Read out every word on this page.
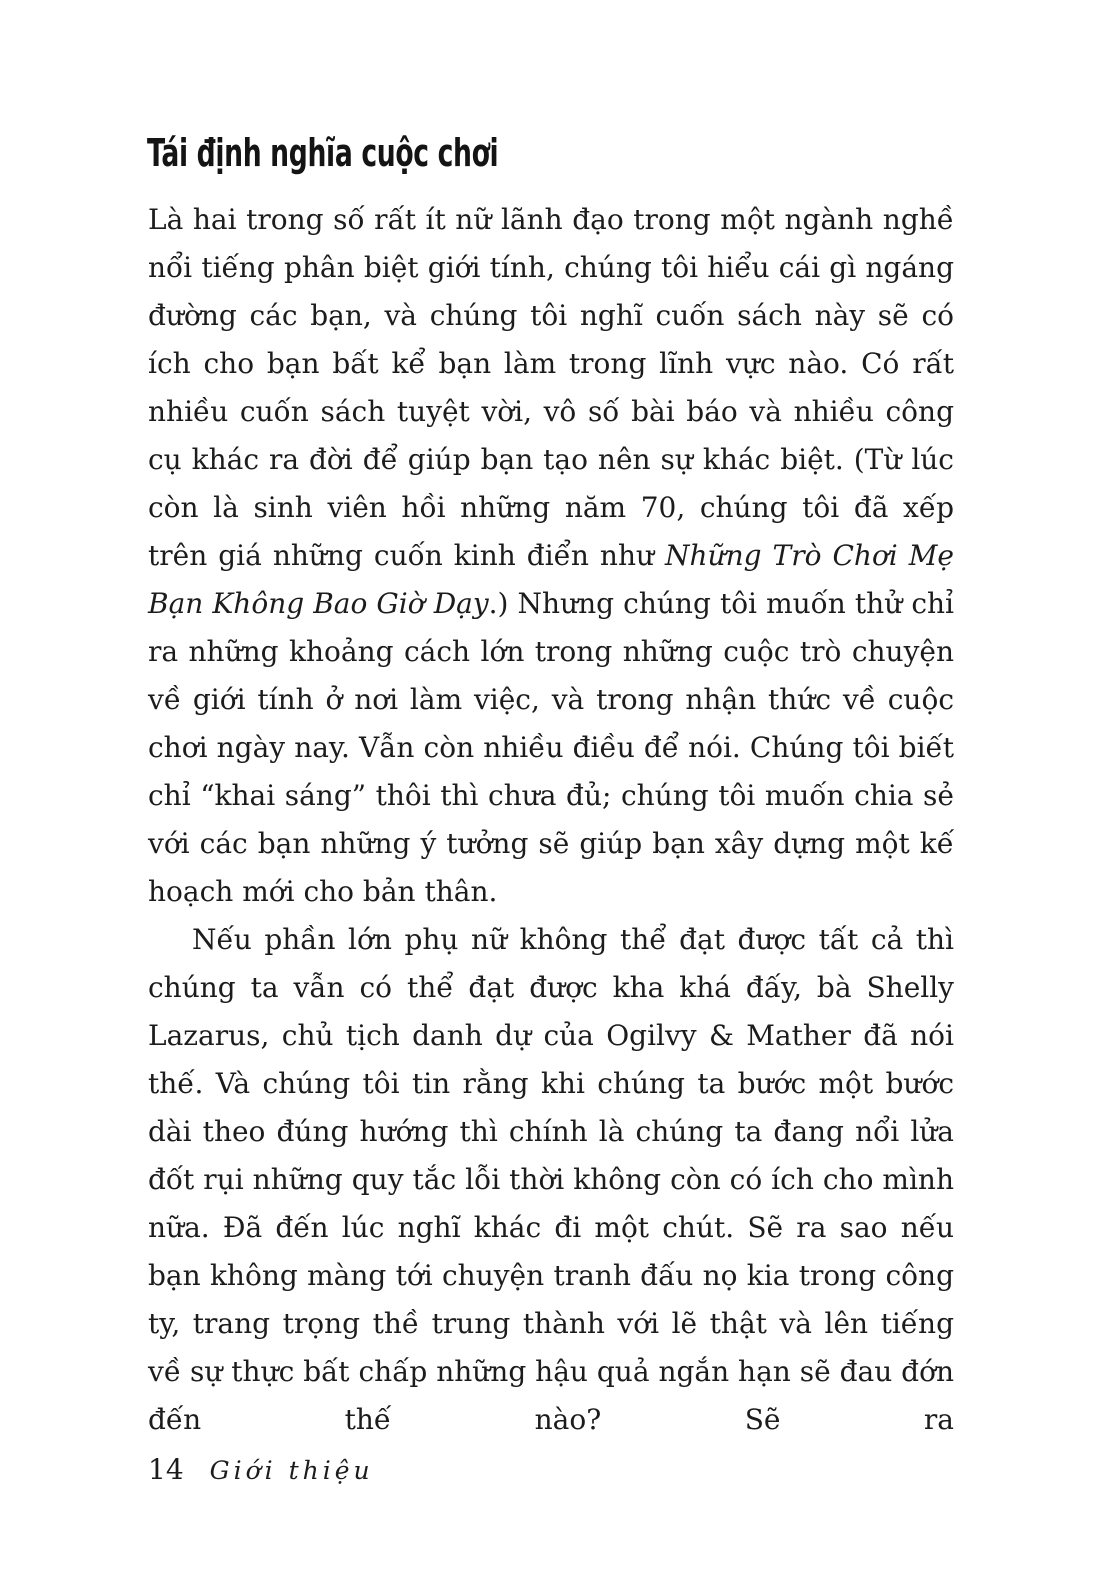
Tái định nghĩa cuộc chơi

Là hai trong số rất ít nữ lãnh đạo trong một ngành nghề nổi tiếng phân biệt giới tính, chúng tôi hiểu cái gì ngáng đường các bạn, và chúng tôi nghĩ cuốn sách này sẽ có ích cho bạn bất kể bạn làm trong lĩnh vực nào. Có rất nhiều cuốn sách tuyệt vời, vô số bài báo và nhiều công cụ khác ra đời để giúp bạn tạo nên sự khác biệt. (Từ lúc còn là sinh viên hồi những năm 70, chúng tôi đã xếp trên giá những cuốn kinh điển như Những Trò Chơi Mẹ Bạn Không Bao Giờ Dạy.) Nhưng chúng tôi muốn thử chỉ ra những khoảng cách lớn trong những cuộc trò chuyện về giới tính ở nơi làm việc, và trong nhận thức về cuộc chơi ngày nay. Vẫn còn nhiều điều để nói. Chúng tôi biết chỉ “khai sáng” thôi thì chưa đủ; chúng tôi muốn chia sẻ với các bạn những ý tưởng sẽ giúp bạn xây dựng một kế hoạch mới cho bản thân.

Nếu phần lớn phụ nữ không thể đạt được tất cả thì chúng ta vẫn có thể đạt được kha khá đấy, bà Shelly Lazarus, chủ tịch danh dự của Ogilvy & Mather đã nói thế. Và chúng tôi tin rằng khi chúng ta bước một bước dài theo đúng hướng thì chính là chúng ta đang nổi lửa đốt rụi những quy tắc lỗi thời không còn có ích cho mình nữa. Đã đến lúc nghĩ khác đi một chút. Sẽ ra sao nếu bạn không màng tới chuyện tranh đấu nọ kia trong công ty, trang trọng thề trung thành với lẽ thật và lên tiếng về sự thực bất chấp những hậu quả ngắn hạn sẽ đau đớn đến thế nào? Sẽ ra

14 Giới thiệu
